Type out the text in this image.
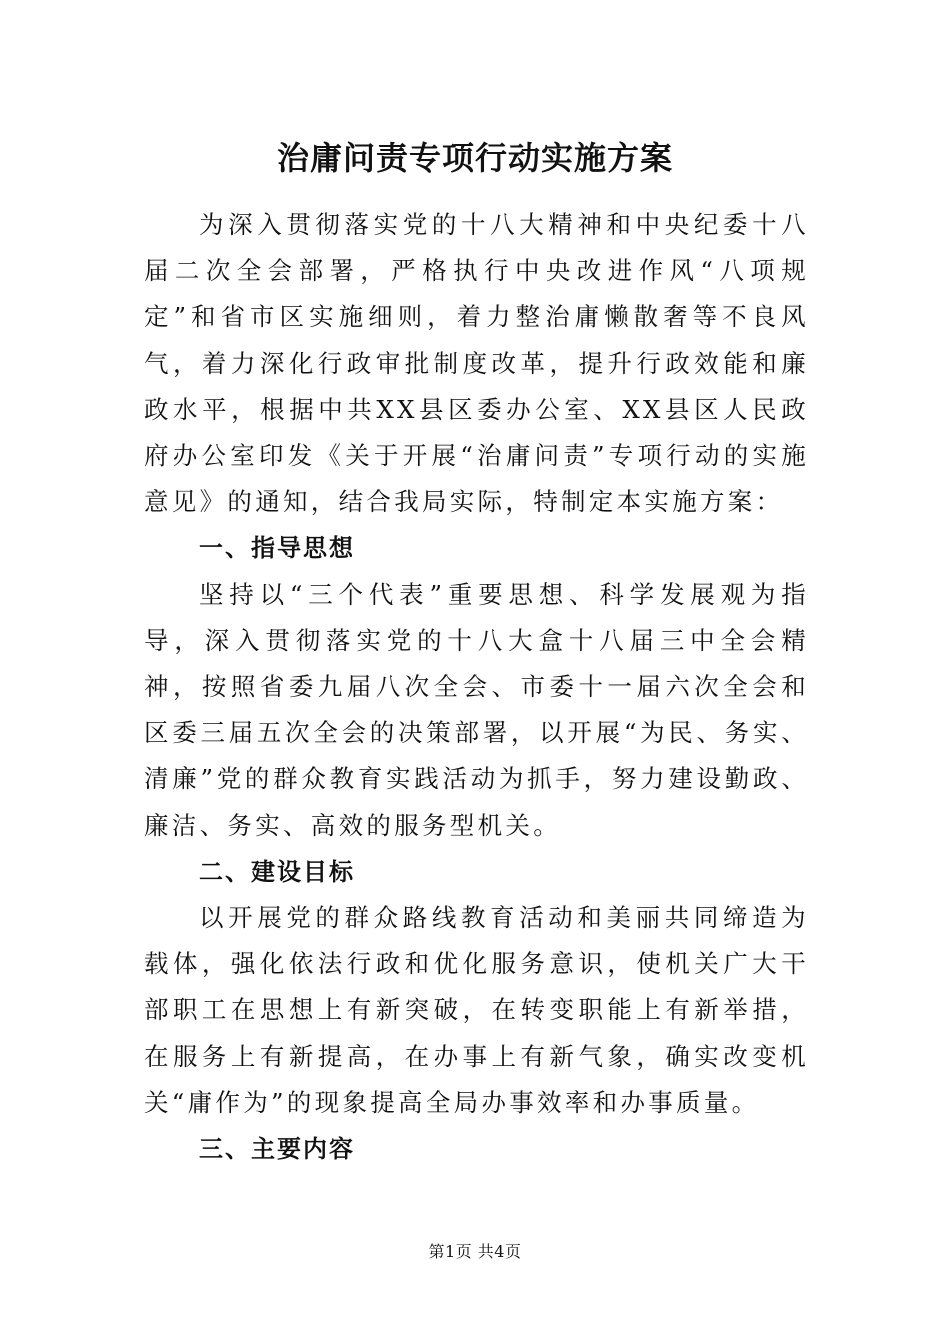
治庸问责专项行动实施方案

为深入贯彻落实党的十八大精神和中央纪委十八届二次全会部署，严格执行中央改进作风“八项规定”和省市区实施细则，着力整治庸懒散奢等不良风气，着力深化行政审批制度改革，提升行政效能和廉政水平，根据中共XX县区委办公室、XX县区人民政府办公室印发《关于开展“治庸问责”专项行动的实施意见》的通知，结合我局实际，特制定本实施方案：

一、指导思想

坚持以“三个代表”重要思想、科学发展观为指导，深入贯彻落实党的十八大盒十八届三中全会精神，按照省委九届八次全会、市委十一届六次全会和区委三届五次全会的决策部署，以开展“为民、务实、清廉”党的群众教育实践活动为抓手，努力建设勤政、廉洁、务实、高效的服务型机关。

二、建设目标

以开展党的群众路线教育活动和美丽共同缔造为载体，强化依法行政和优化服务意识，使机关广大干部职工在思想上有新突破，在转变职能上有新举措，在服务上有新提高，在办事上有新气象，确实改变机关“庸作为”的现象提高全局办事效率和办事质量。

三、主要内容

第1页 共4页
